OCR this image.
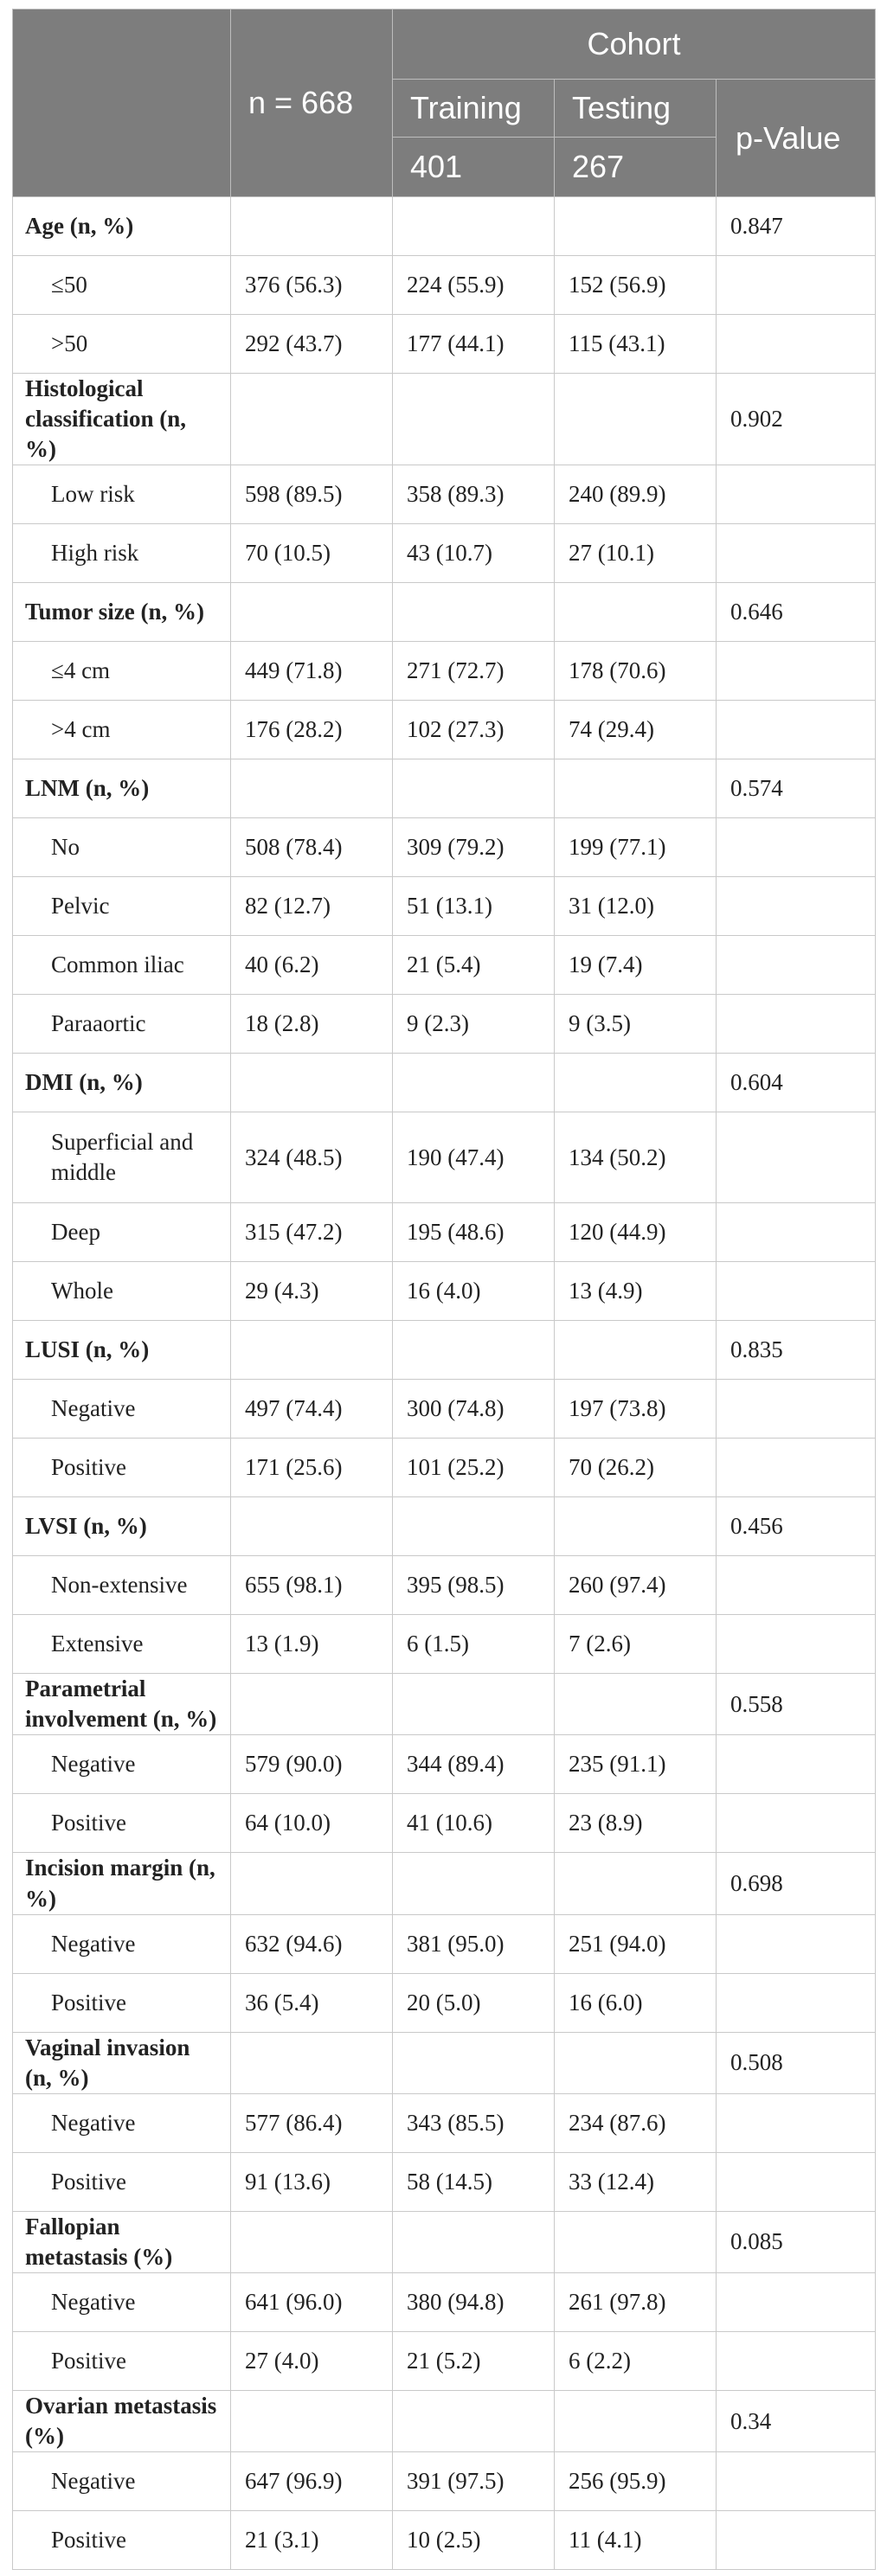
	n = 668	Cohort		
		Training	Testing	p-Value
		401	267	
Age (n, %)				0.847
≤50	376 (56.3)	224 (55.9)	152 (56.9)	
>50	292 (43.7)	177 (44.1)	115 (43.1)	
Histological classification (n, %)				0.902
Low risk	598 (89.5)	358 (89.3)	240 (89.9)	
High risk	70 (10.5)	43 (10.7)	27 (10.1)	
Tumor size (n, %)				0.646
≤4 cm	449 (71.8)	271 (72.7)	178 (70.6)	
>4 cm	176 (28.2)	102 (27.3)	74 (29.4)	
LNM (n, %)				0.574
No	508 (78.4)	309 (79.2)	199 (77.1)	
Pelvic	82 (12.7)	51 (13.1)	31 (12.0)	
Common iliac	40 (6.2)	21 (5.4)	19 (7.4)	
Paraaortic	18 (2.8)	9 (2.3)	9 (3.5)	
DMI (n, %)				0.604
Superficial and middle	324 (48.5)	190 (47.4)	134 (50.2)	
Deep	315 (47.2)	195 (48.6)	120 (44.9)	
Whole	29 (4.3)	16 (4.0)	13 (4.9)	
LUSI (n, %)				0.835
Negative	497 (74.4)	300 (74.8)	197 (73.8)	
Positive	171 (25.6)	101 (25.2)	70 (26.2)	
LVSI (n, %)				0.456
Non-extensive	655 (98.1)	395 (98.5)	260 (97.4)	
Extensive	13 (1.9)	6 (1.5)	7 (2.6)	
Parametrial involvement (n, %)				0.558
Negative	579 (90.0)	344 (89.4)	235 (91.1)	
Positive	64 (10.0)	41 (10.6)	23 (8.9)	
Incision margin (n, %)				0.698
Negative	632 (94.6)	381 (95.0)	251 (94.0)	
Positive	36 (5.4)	20 (5.0)	16 (6.0)	
Vaginal invasion (n, %)				0.508
Negative	577 (86.4)	343 (85.5)	234 (87.6)	
Positive	91 (13.6)	58 (14.5)	33 (12.4)	
Fallopian metastasis (%)				0.085
Negative	641 (96.0)	380 (94.8)	261 (97.8)	
Positive	27 (4.0)	21 (5.2)	6 (2.2)	
Ovarian metastasis (%)				0.34
Negative	647 (96.9)	391 (97.5)	256 (95.9)	
Positive	21 (3.1)	10 (2.5)	11 (4.1)	
